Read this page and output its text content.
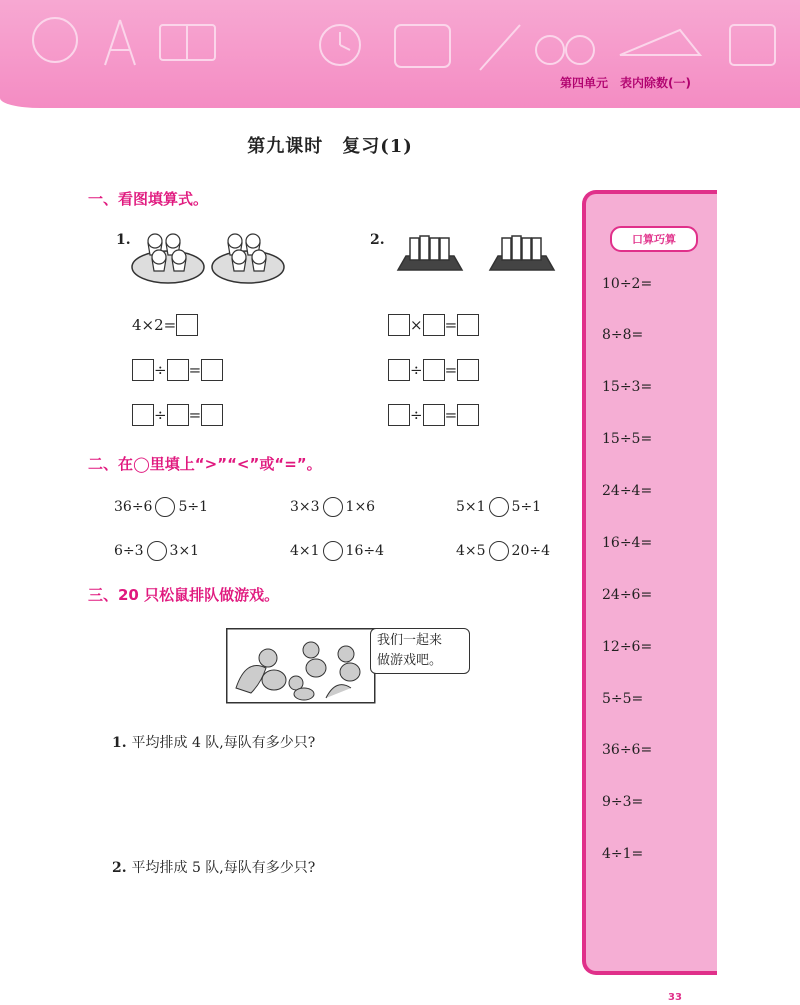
第四单元　表内除数(一)
第九课时　复习(1)
一、看图填算式。
1.	2.
4×2=
÷ =
÷ =
× =
÷ =
÷ =
二、在◯里填上“>”“<”或“=”。
36÷6 5÷1	3×3 1×6	5×1 5÷1
6÷3 3×1	4×1 16÷4	4×5 20÷4
三、20 只松鼠排队做游戏。
我们一起来
做游戏吧。
1. 平均排成 4 队,每队有多少只?
2. 平均排成 5 队,每队有多少只?
口算巧算
10÷2=
8÷8=
15÷3=
15÷5=
24÷4=
16÷4=
24÷6=
12÷6=
5÷5=
36÷6=
9÷3=
4÷1=
33
